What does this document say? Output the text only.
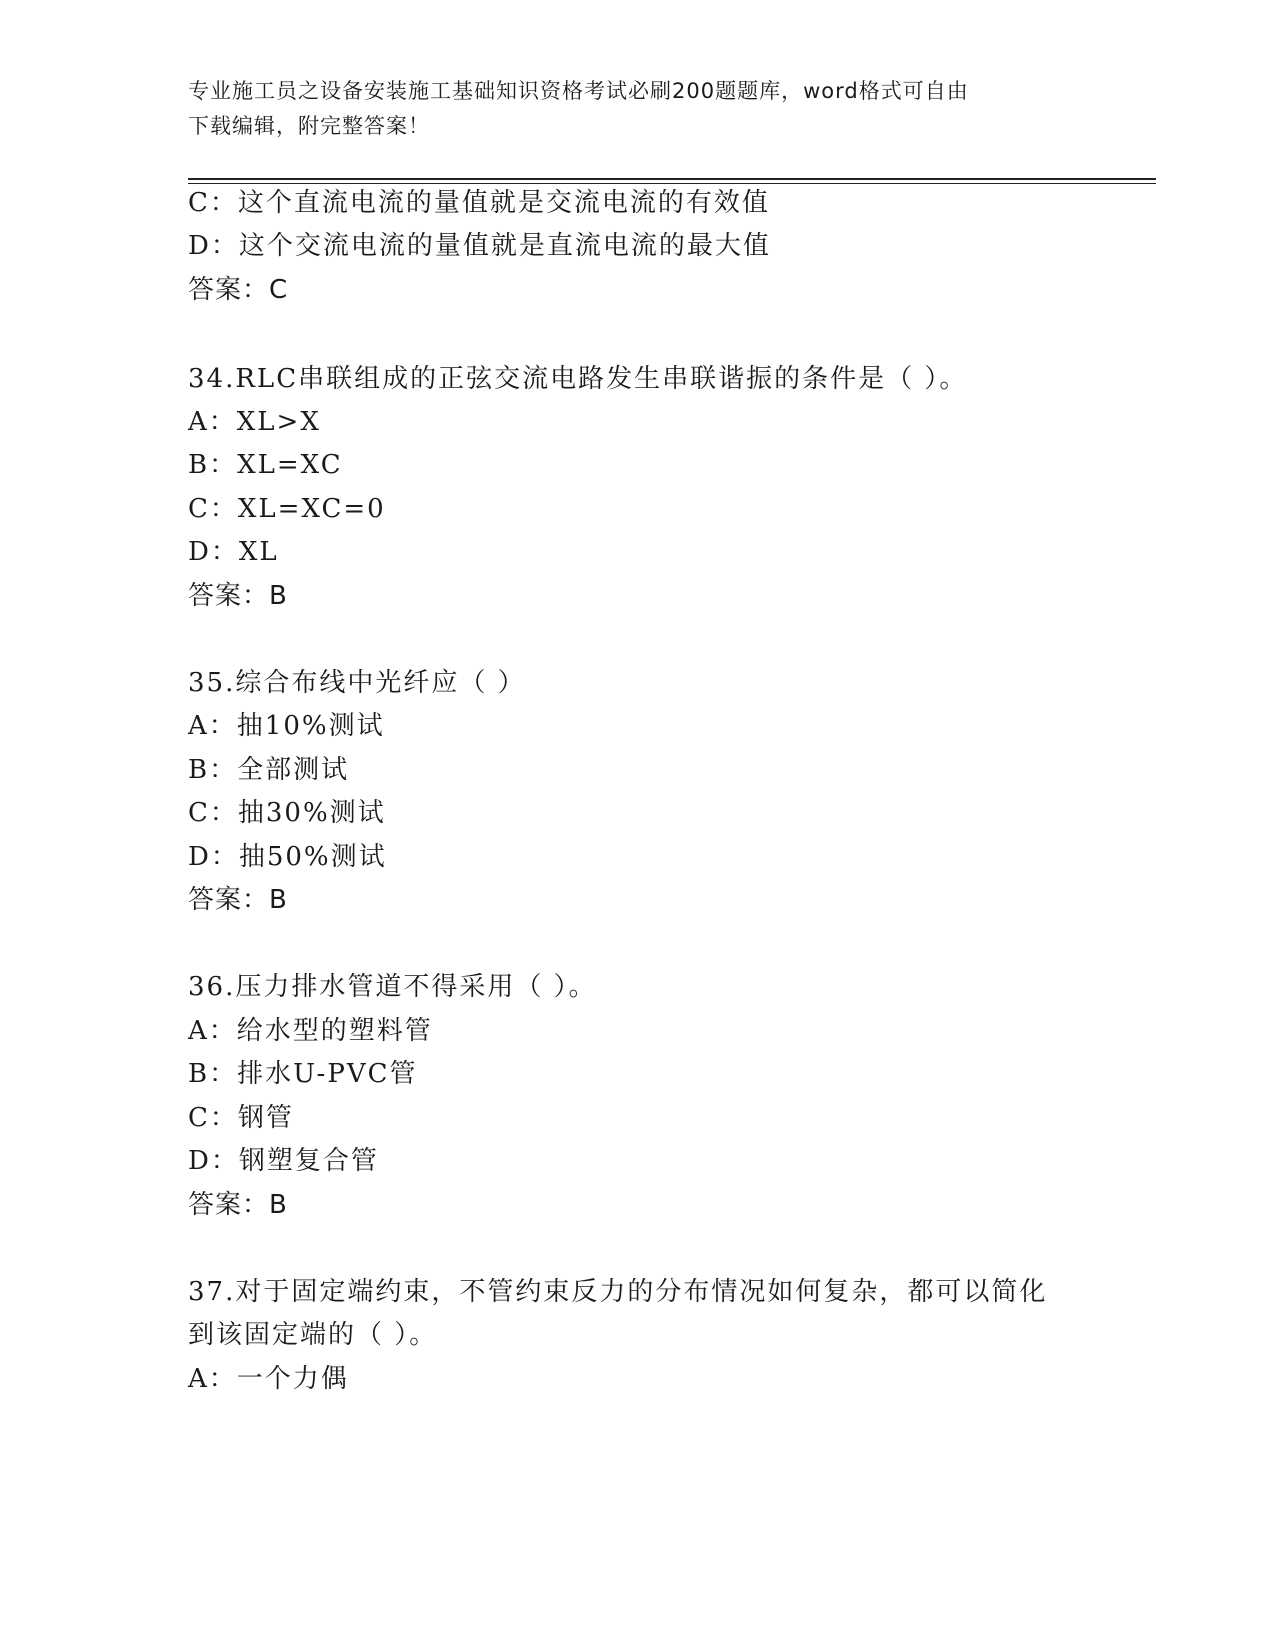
专业施工员之设备安装施工基础知识资格考试必刷200题题库，word格式可自由
下载编辑，附完整答案！
C：这个直流电流的量值就是交流电流的有效值
D：这个交流电流的量值就是直流电流的最大值
答案：C
34.RLC串联组成的正弦交流电路发生串联谐振的条件是（ ）。
A：XL>X
B：XL=XC
C：XL=XC=0
D：XL
答案：B
35.综合布线中光纤应（ ）
A：抽10%测试
B：全部测试
C：抽30%测试
D：抽50%测试
答案：B
36.压力排水管道不得采用（ ）。
A：给水型的塑料管
B：排水U-PVC管
C：钢管
D：钢塑复合管
答案：B
37.对于固定端约束，不管约束反力的分布情况如何复杂，都可以简化
到该固定端的（ ）。
A：一个力偶
